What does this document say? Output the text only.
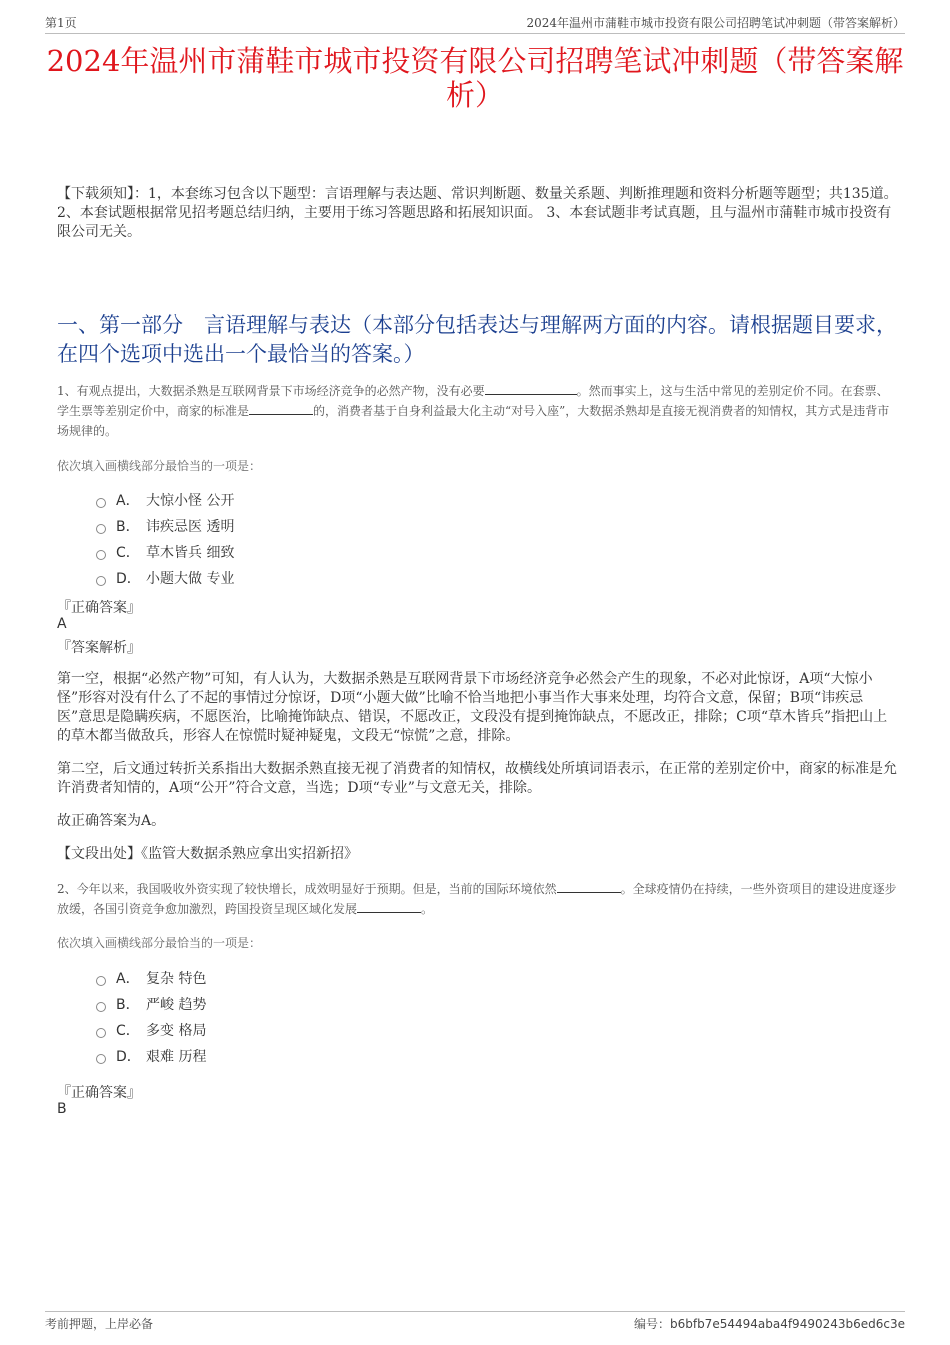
第1页	2024年温州市蒲鞋市城市投资有限公司招聘笔试冲刺题（带答案解析）
2024年温州市蒲鞋市城市投资有限公司招聘笔试冲刺题（带答案解析）
【下载须知】：1，本套练习包含以下题型：言语理解与表达题、常识判断题、数量关系题、判断推理题和资料分析题等题型；共135道。 2、本套试题根据常见招考题总结归纳，主要用于练习答题思路和拓展知识面。 3、本套试题非考试真题，且与温州市蒲鞋市城市投资有限公司无关。
一、第一部分　言语理解与表达（本部分包括表达与理解两方面的内容。请根据题目要求，在四个选项中选出一个最恰当的答案。）
1、有观点提出，大数据杀熟是互联网背景下市场经济竞争的必然产物，没有必要	。然而事实上，这与生活中常见的差别定价不同。在套票、学生票等差别定价中，商家的标准是	的，消费者基于自身利益最大化主动“对号入座”，大数据杀熟却是直接无视消费者的知情权，其方式是违背市场规律的。
依次填入画横线部分最恰当的一项是：
A． 大惊小怪 公开
B． 讳疾忌医 透明
C． 草木皆兵 细致
D． 小题大做 专业
『正确答案』
A
『答案解析』
第一空，根据“必然产物”可知，有人认为，大数据杀熟是互联网背景下市场经济竞争必然会产生的现象，不必对此惊讶，A项“大惊小怪”形容对没有什么了不起的事情过分惊讶，D项“小题大做”比喻不恰当地把小事当作大事来处理，均符合文意，保留；B项“讳疾忌医”意思是隐瞒疾病，不愿医治，比喻掩饰缺点、错误，不愿改正，文段没有提到掩饰缺点，不愿改正，排除；C项“草木皆兵”指把山上的草木都当做敌兵，形容人在惊慌时疑神疑鬼，文段无“惊慌”之意，排除。
第二空，后文通过转折关系指出大数据杀熟直接无视了消费者的知情权，故横线处所填词语表示，在正常的差别定价中，商家的标准是允许消费者知情的，A项“公开”符合文意，当选；D项“专业”与文意无关，排除。
故正确答案为A。
【文段出处】《监管大数据杀熟应拿出实招新招》
2、今年以来，我国吸收外资实现了较快增长，成效明显好于预期。但是，当前的国际环境依然	。全球疫情仍在持续，一些外资项目的建设进度逐步放缓，各国引资竞争愈加激烈，跨国投资呈现区域化发展	。
依次填入画横线部分最恰当的一项是：
A． 复杂 特色
B． 严峻 趋势
C． 多变 格局
D． 艰难 历程
『正确答案』
B
考前押题，上岸必备	编号：b6bfb7e54494aba4f9490243b6ed6c3e
